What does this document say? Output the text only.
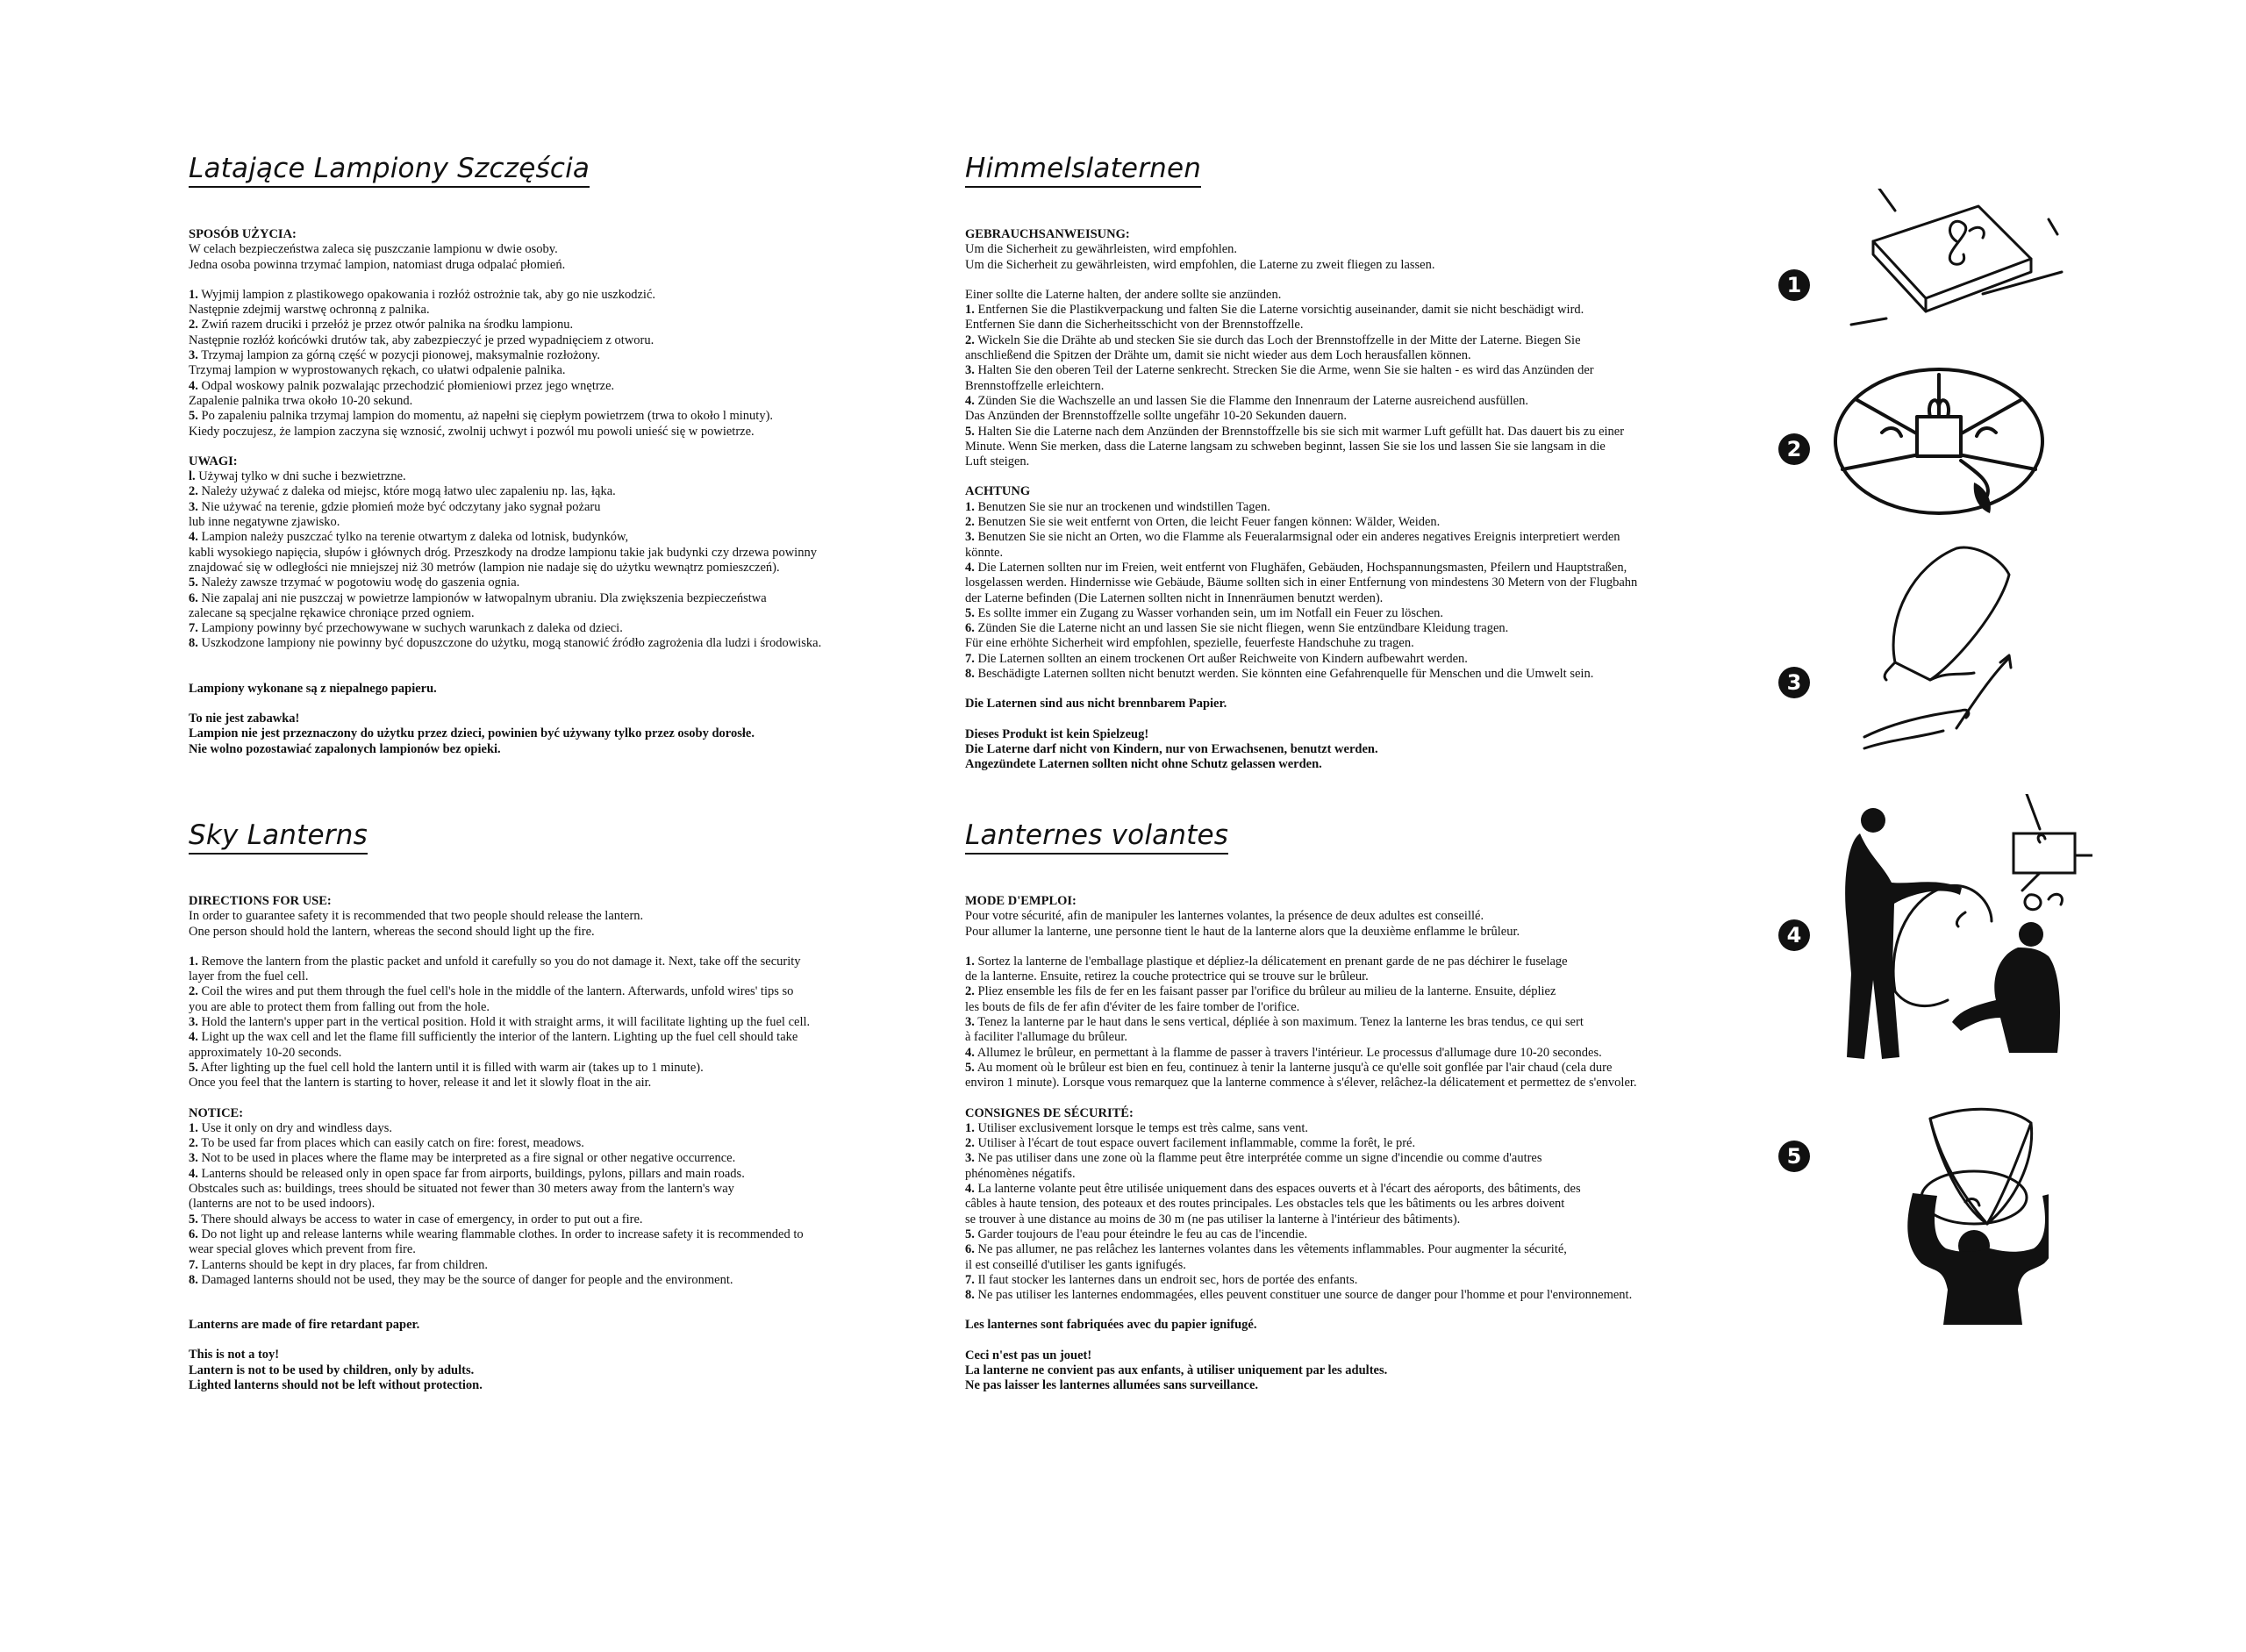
Latające Lampiony Szczęścia

SPOSÓB UŻYCIA:

W celach bezpieczeństwa zaleca się puszczanie lampionu w dwie osoby.

Jedna osoba powinna trzymać lampion, natomiast druga odpalać płomień.

1. Wyjmij lampion z plastikowego opakowania i rozłóż ostrożnie tak, aby go nie uszkodzić.
Następnie zdejmij warstwę ochronną z palnika.

2. Zwiń razem druciki i przełóż je przez otwór palnika na środku lampionu.
Następnie rozłóż końcówki drutów tak, aby zabezpieczyć je przed wypadnięciem z otworu.

3. Trzymaj lampion za górną część w pozycji pionowej, maksymalnie rozłożony.
Trzymaj lampion w wyprostowanych rękach, co ułatwi odpalenie palnika.

4. Odpal woskowy palnik pozwalając przechodzić płomieniowi przez jego wnętrze.
Zapalenie palnika trwa około 10-20 sekund.

5. Po zapaleniu palnika trzymaj lampion do momentu, aż napełni się ciepłym powietrzem (trwa to około l minuty).
Kiedy poczujesz, że lampion zaczyna się wznosić, zwolnij uchwyt i pozwól mu powoli unieść się w powietrze.

UWAGI:

l. Używaj tylko w dni suche i bezwietrzne.

2. Należy używać z daleka od miejsc, które mogą łatwo ulec zapaleniu np. las, łąka.

3. Nie używać na terenie, gdzie płomień może być odczytany jako sygnał pożaru
lub inne negatywne zjawisko.

4. Lampion należy puszczać tylko na terenie otwartym z daleka od lotnisk, budynków,
kabli wysokiego napięcia, słupów i głównych dróg. Przeszkody na drodze lampionu takie jak budynki czy drzewa powinny
znajdować się w odległości nie mniejszej niż 30 metrów (lampion nie nadaje się do użytku wewnątrz pomieszczeń).

5. Należy zawsze trzymać w pogotowiu wodę do gaszenia ognia.

6. Nie zapalaj ani nie puszczaj w powietrze lampionów w łatwopalnym ubraniu. Dla zwiększenia bezpieczeństwa
zalecane są specjalne rękawice chroniące przed ogniem.

7. Lampiony powinny być przechowywane w suchych warunkach z daleka od dzieci.

8. Uszkodzone lampiony nie powinny być dopuszczone do użytku, mogą stanowić źródło zagrożenia dla ludzi i środowiska.

Lampiony wykonane są z niepalnego papieru.

To nie jest zabawka!

Lampion nie jest przeznaczony do użytku przez dzieci, powinien być używany tylko przez osoby dorosłe.

Nie wolno pozostawiać zapalonych lampionów bez opieki.

Himmelslaternen

GEBRAUCHSANWEISUNG:

Um die Sicherheit zu gewährleisten, wird empfohlen.

Um die Sicherheit zu gewährleisten, wird empfohlen, die Laterne zu zweit fliegen zu lassen.

Einer sollte die Laterne halten, der andere sollte sie anzünden.

1. Entfernen Sie die Plastikverpackung und falten Sie die Laterne vorsichtig auseinander, damit sie nicht beschädigt wird.
Entfernen Sie dann die Sicherheitsschicht von der Brennstoffzelle.

2. Wickeln Sie die Drähte ab und stecken Sie sie durch das Loch der Brennstoffzelle in der Mitte der Laterne. Biegen Sie
anschließend die Spitzen der Drähte um, damit sie nicht wieder aus dem Loch herausfallen können.

3. Halten Sie den oberen Teil der Laterne senkrecht. Strecken Sie die Arme, wenn Sie sie halten - es wird das Anzünden der
Brennstoffzelle erleichtern.

4. Zünden Sie die Wachszelle an und lassen Sie die Flamme den Innenraum der Laterne ausreichend ausfüllen.
Das Anzünden der Brennstoffzelle sollte ungefähr 10-20 Sekunden dauern.

5. Halten Sie die Laterne nach dem Anzünden der Brennstoffzelle bis sie sich mit warmer Luft gefüllt hat. Das dauert bis zu einer
Minute. Wenn Sie merken, dass die Laterne langsam zu schweben beginnt, lassen Sie sie los und lassen Sie sie langsam in die
Luft steigen.

ACHTUNG

1. Benutzen Sie sie nur an trockenen und windstillen Tagen.

2. Benutzen Sie sie weit entfernt von Orten, die leicht Feuer fangen können: Wälder, Weiden.

3. Benutzen Sie sie nicht an Orten, wo die Flamme als Feueralarmsignal oder ein anderes negatives Ereignis interpretiert werden
könnte.

4. Die Laternen sollten nur im Freien, weit entfernt von Flughäfen, Gebäuden, Hochspannungsmasten, Pfeilern und Hauptstraßen,
losgelassen werden. Hindernisse wie Gebäude, Bäume sollten sich in einer Entfernung von mindestens 30 Metern von der Flugbahn
der Laterne befinden (Die Laternen sollten nicht in Innenräumen benutzt werden).

5. Es sollte immer ein Zugang zu Wasser vorhanden sein, um im Notfall ein Feuer zu löschen.

6. Zünden Sie die Laterne nicht an und lassen Sie sie nicht fliegen, wenn Sie entzündbare Kleidung tragen.
Für eine erhöhte Sicherheit wird empfohlen, spezielle, feuerfeste Handschuhe zu tragen.

7. Die Laternen sollten an einem trockenen Ort außer Reichweite von Kindern aufbewahrt werden.

8. Beschädigte Laternen sollten nicht benutzt werden. Sie könnten eine Gefahrenquelle für Menschen und die Umwelt sein.

Die Laternen sind aus nicht brennbarem Papier.

Dieses Produkt ist kein Spielzeug!

Die Laterne darf nicht von Kindern, nur von Erwachsenen, benutzt werden.

Angezündete Laternen sollten nicht ohne Schutz gelassen werden.

Sky Lanterns

DIRECTIONS FOR USE:

In order to guarantee safety it is recommended that two people should release the lantern.

One person should hold the lantern, whereas the second should light up the fire.

1. Remove the lantern from the plastic packet and unfold it carefully so you do not damage it. Next, take off the security
layer from the fuel cell.

2. Coil the wires and put them through the fuel cell's hole in the middle of the lantern. Afterwards, unfold wires' tips so
you are able to protect them from falling out from the hole.

3. Hold the lantern's upper part in the vertical position. Hold it with straight arms, it will facilitate lighting up the fuel cell.

4. Light up the wax cell and let the flame fill sufficiently the interior of the lantern. Lighting up the fuel cell should take
approximately 10-20 seconds.

5. After lighting up the fuel cell hold the lantern until it is filled with warm air (takes up to 1 minute).
Once you feel that the lantern is starting to hover, release it and let it slowly float in the air.

NOTICE:

1. Use it only on dry and windless days.

2. To be used far from places which can easily catch on fire: forest, meadows.

3. Not to be used in places where the flame may be interpreted as a fire signal or other negative occurrence.

4. Lanterns should be released only in open space far from airports, buildings, pylons, pillars and main roads.
Obstcales such as: buildings, trees should be situated not fewer than 30 meters away from the lantern's way
(lanterns are not to be used indoors).

5. There should always be access to water in case of emergency, in order to put out a fire.

6. Do not light up and release lanterns while wearing flammable clothes. In order to increase safety it is recommended to
wear special gloves which prevent from fire.

7. Lanterns should be kept in dry places, far from children.

8. Damaged lanterns should not be used, they may be the source of danger for people and the environment.

Lanterns are made of fire retardant paper.

This is not a toy!

Lantern is not to be used by children, only by adults.

Lighted lanterns should not be left without protection.

Lanternes volantes

MODE D'EMPLOI:

Pour votre sécurité, afin de manipuler les lanternes volantes, la présence de deux adultes est conseillé.

Pour allumer la lanterne, une personne tient le haut de la lanterne alors que la deuxième enflamme le brûleur.

1. Sortez la lanterne de l'emballage plastique et dépliez-la délicatement en prenant garde de ne pas déchirer le fuselage
de la lanterne. Ensuite, retirez la couche protectrice qui se trouve sur le brûleur.

2. Pliez ensemble les fils de fer en les faisant passer par l'orifice du brûleur au milieu de la lanterne. Ensuite, dépliez
les bouts de fils de fer afin d'éviter de les faire tomber de l'orifice.

3. Tenez la lanterne par le haut dans le sens vertical, dépliée à son maximum. Tenez la lanterne les bras tendus, ce qui sert
à faciliter l'allumage du brûleur.

4. Allumez le brûleur, en permettant à la flamme de passer à travers l'intérieur. Le processus d'allumage dure 10-20 secondes.

5. Au moment où le brûleur est bien en feu, continuez à tenir la lanterne jusqu'à ce qu'elle soit gonflée par l'air chaud (cela dure
environ 1 minute). Lorsque vous remarquez que la lanterne commence à s'élever, relâchez-la délicatement et permettez de s'envoler.

CONSIGNES DE SÉCURITÉ:

1. Utiliser exclusivement lorsque le temps est très calme, sans vent.

2. Utiliser à l'écart de tout espace ouvert facilement inflammable, comme la forêt, le pré.

3. Ne pas utiliser dans une zone où la flamme peut être interprétée comme un signe d'incendie ou comme d'autres
phénomènes négatifs.

4. La lanterne volante peut être utilisée uniquement dans des espaces ouverts et à l'écart des aéroports, des bâtiments, des
câbles à haute tension, des poteaux et des routes principales. Les obstacles tels que les bâtiments ou les arbres doivent
se trouver à une distance au moins de 30 m (ne pas utiliser la lanterne à l'intérieur des bâtiments).

5. Garder toujours de l'eau pour éteindre le feu au cas de l'incendie.

6. Ne pas allumer, ne pas relâchez les lanternes volantes dans les vêtements inflammables. Pour augmenter la sécurité,
il est conseillé d'utiliser les gants ignifugés.

7. Il faut stocker les lanternes dans un endroit sec, hors de portée des enfants.

8. Ne pas utiliser les lanternes endommagées, elles peuvent constituer une source de danger pour l'homme et pour l'environnement.

Les lanternes sont fabriquées avec du papier ignifugé.

Ceci n'est pas un jouet!

La lanterne ne convient pas aux enfants, à utiliser uniquement par les adultes.

Ne pas laisser les lanternes allumées sans surveillance.

1
2
3
4
5
